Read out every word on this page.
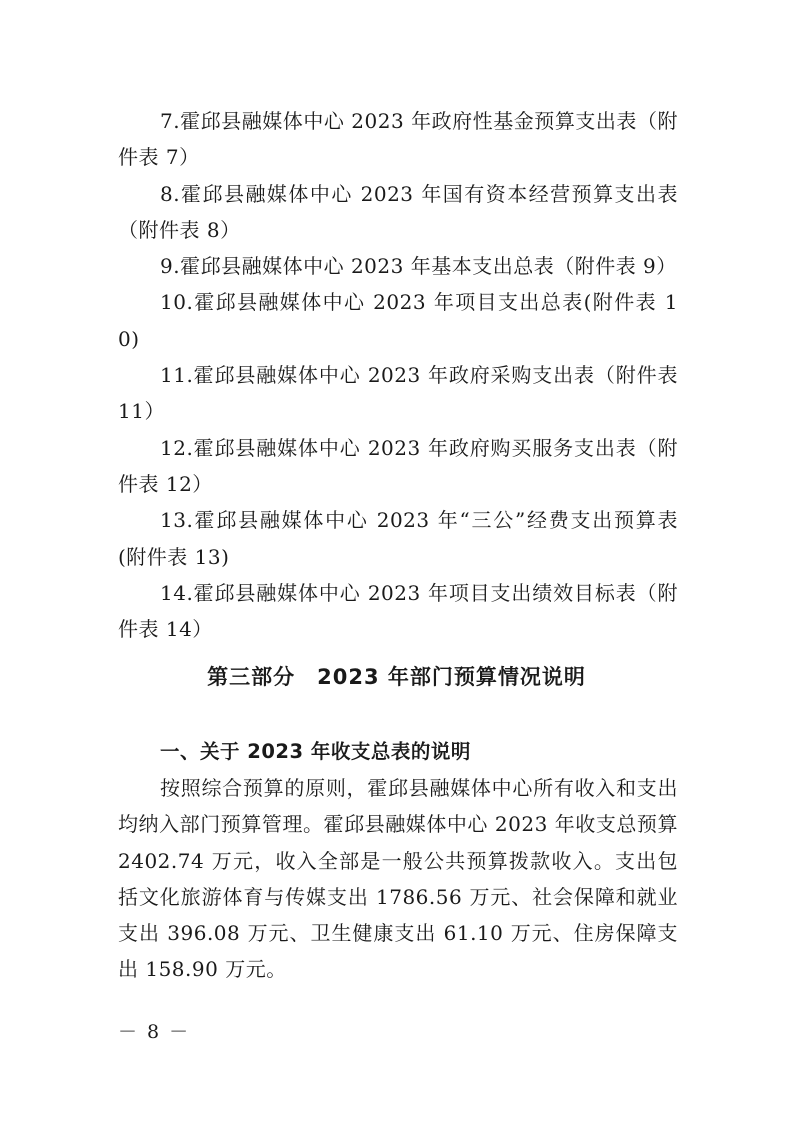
7.霍邱县融媒体中心 2023 年政府性基金预算支出表（附件表 7）

8.霍邱县融媒体中心 2023 年国有资本经营预算支出表（附件表 8）

9.霍邱县融媒体中心 2023 年基本支出总表（附件表 9）

10.霍邱县融媒体中心 2023 年项目支出总表(附件表 10)

11.霍邱县融媒体中心 2023 年政府采购支出表（附件表 11）

12.霍邱县融媒体中心 2023 年政府购买服务支出表（附件表 12）

13.霍邱县融媒体中心 2023 年“三公”经费支出预算表(附件表 13)

14.霍邱县融媒体中心 2023 年项目支出绩效目标表（附件表 14）

第三部分　2023 年部门预算情况说明
一、关于 2023 年收支总表的说明

按照综合预算的原则，霍邱县融媒体中心所有收入和支出均纳入部门预算管理。霍邱县融媒体中心 2023 年收支总预算 2402.74 万元，收入全部是一般公共预算拨款收入。支出包括文化旅游体育与传媒支出 1786.56 万元、社会保障和就业支出 396.08 万元、卫生健康支出 61.10 万元、住房保障支出 158.90 万元。

－ 8 －
